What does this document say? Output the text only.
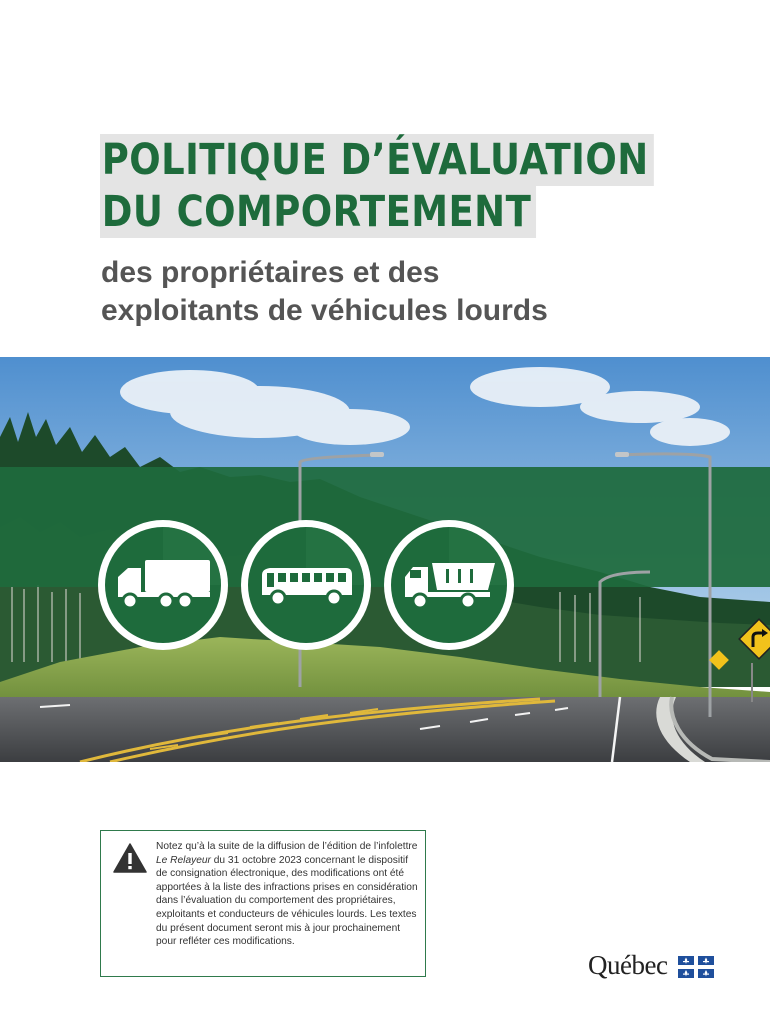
POLITIQUE D’ÉVALUATION
DU COMPORTEMENT
des propriétaires et des
exploitants de véhicules lourds

Notez qu’à la suite de la diffusion de l’édition de l’infolettre Le Relayeur du 31 octobre 2023 concernant le dispositif de consignation électronique, des modifications ont été apportées à la liste des infractions prises en considération dans l’évaluation du comportement des propriétaires, exploitants et conducteurs de véhicules lourds. Les textes du présent document seront mis à jour prochainement pour refléter ces modifications.

Québec
